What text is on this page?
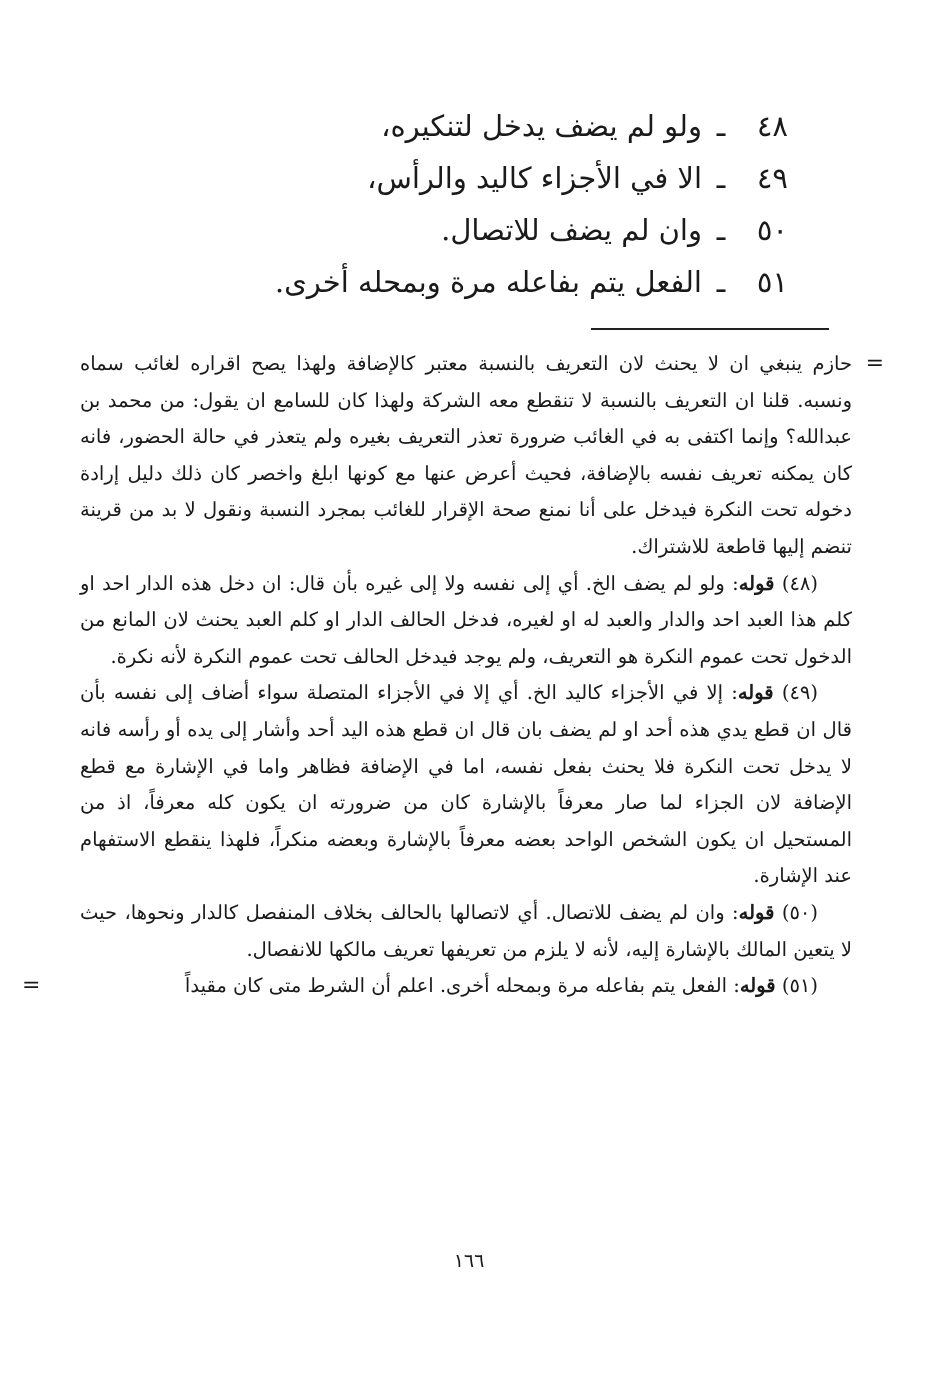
٤٨
ـ
ولو لم يضف يدخل لتنكيره،
٤٩
ـ
الا في الأجزاء كاليد والرأس،
٥٠
ـ
وان لم يضف للاتصال.
٥١
ـ
الفعل يتم بفاعله مرة وبمحله أخرى.

=
حازم ينبغي ان لا يحنث لان التعريف بالنسبة معتبر كالإضافة ولهذا يصح اقراره لغائب سماه ونسبه. قلنا ان التعريف بالنسبة لا تنقطع معه الشركة ولهذا كان للسامع ان يقول: من محمد بن عبدالله؟ وإنما اكتفى به في الغائب ضرورة تعذر التعريف بغيره ولم يتعذر في حالة الحضور، فانه كان يمكنه تعريف نفسه بالإضافة، فحيث أعرض عنها مع كونها ابلغ واخصر كان ذلك دليل إرادة دخوله تحت النكرة فيدخل على أنا نمنع صحة الإقرار للغائب بمجرد النسبة ونقول لا بد من قرينة تنضم إليها قاطعة للاشتراك.

(٤٨) قوله: ولو لم يضف الخ. أي إلى نفسه ولا إلى غيره بأن قال: ان دخل هذه الدار احد او كلم هذا العبد احد والدار والعبد له او لغيره، فدخل الحالف الدار او كلم العبد يحنث لان المانع من الدخول تحت عموم النكرة هو التعريف، ولم يوجد فيدخل الحالف تحت عموم النكرة لأنه نكرة.

(٤٩) قوله: إلا في الأجزاء كاليد الخ. أي إلا في الأجزاء المتصلة سواء أضاف إلى نفسه بأن قال ان قطع يدي هذه أحد او لم يضف بان قال ان قطع هذه اليد أحد وأشار إلى يده أو رأسه فانه لا يدخل تحت النكرة فلا يحنث بفعل نفسه، اما في الإضافة فظاهر واما في الإشارة مع قطع الإضافة لان الجزاء لما صار معرفاً بالإشارة كان من ضرورته ان يكون كله معرفاً، اذ من المستحيل ان يكون الشخص الواحد بعضه معرفاً بالإشارة وبعضه منكراً، فلهذا ينقطع الاستفهام عند الإشارة.

(٥٠) قوله: وان لم يضف للاتصال. أي لاتصالها بالحالف بخلاف المنفصل كالدار ونحوها، حيث لا يتعين المالك بالإشارة إليه، لأنه لا يلزم من تعريفها تعريف مالكها للانفصال.

(٥١) قوله: الفعل يتم بفاعله مرة وبمحله أخرى. اعلم أن الشرط متى كان مقيداً
=

١٦٦
